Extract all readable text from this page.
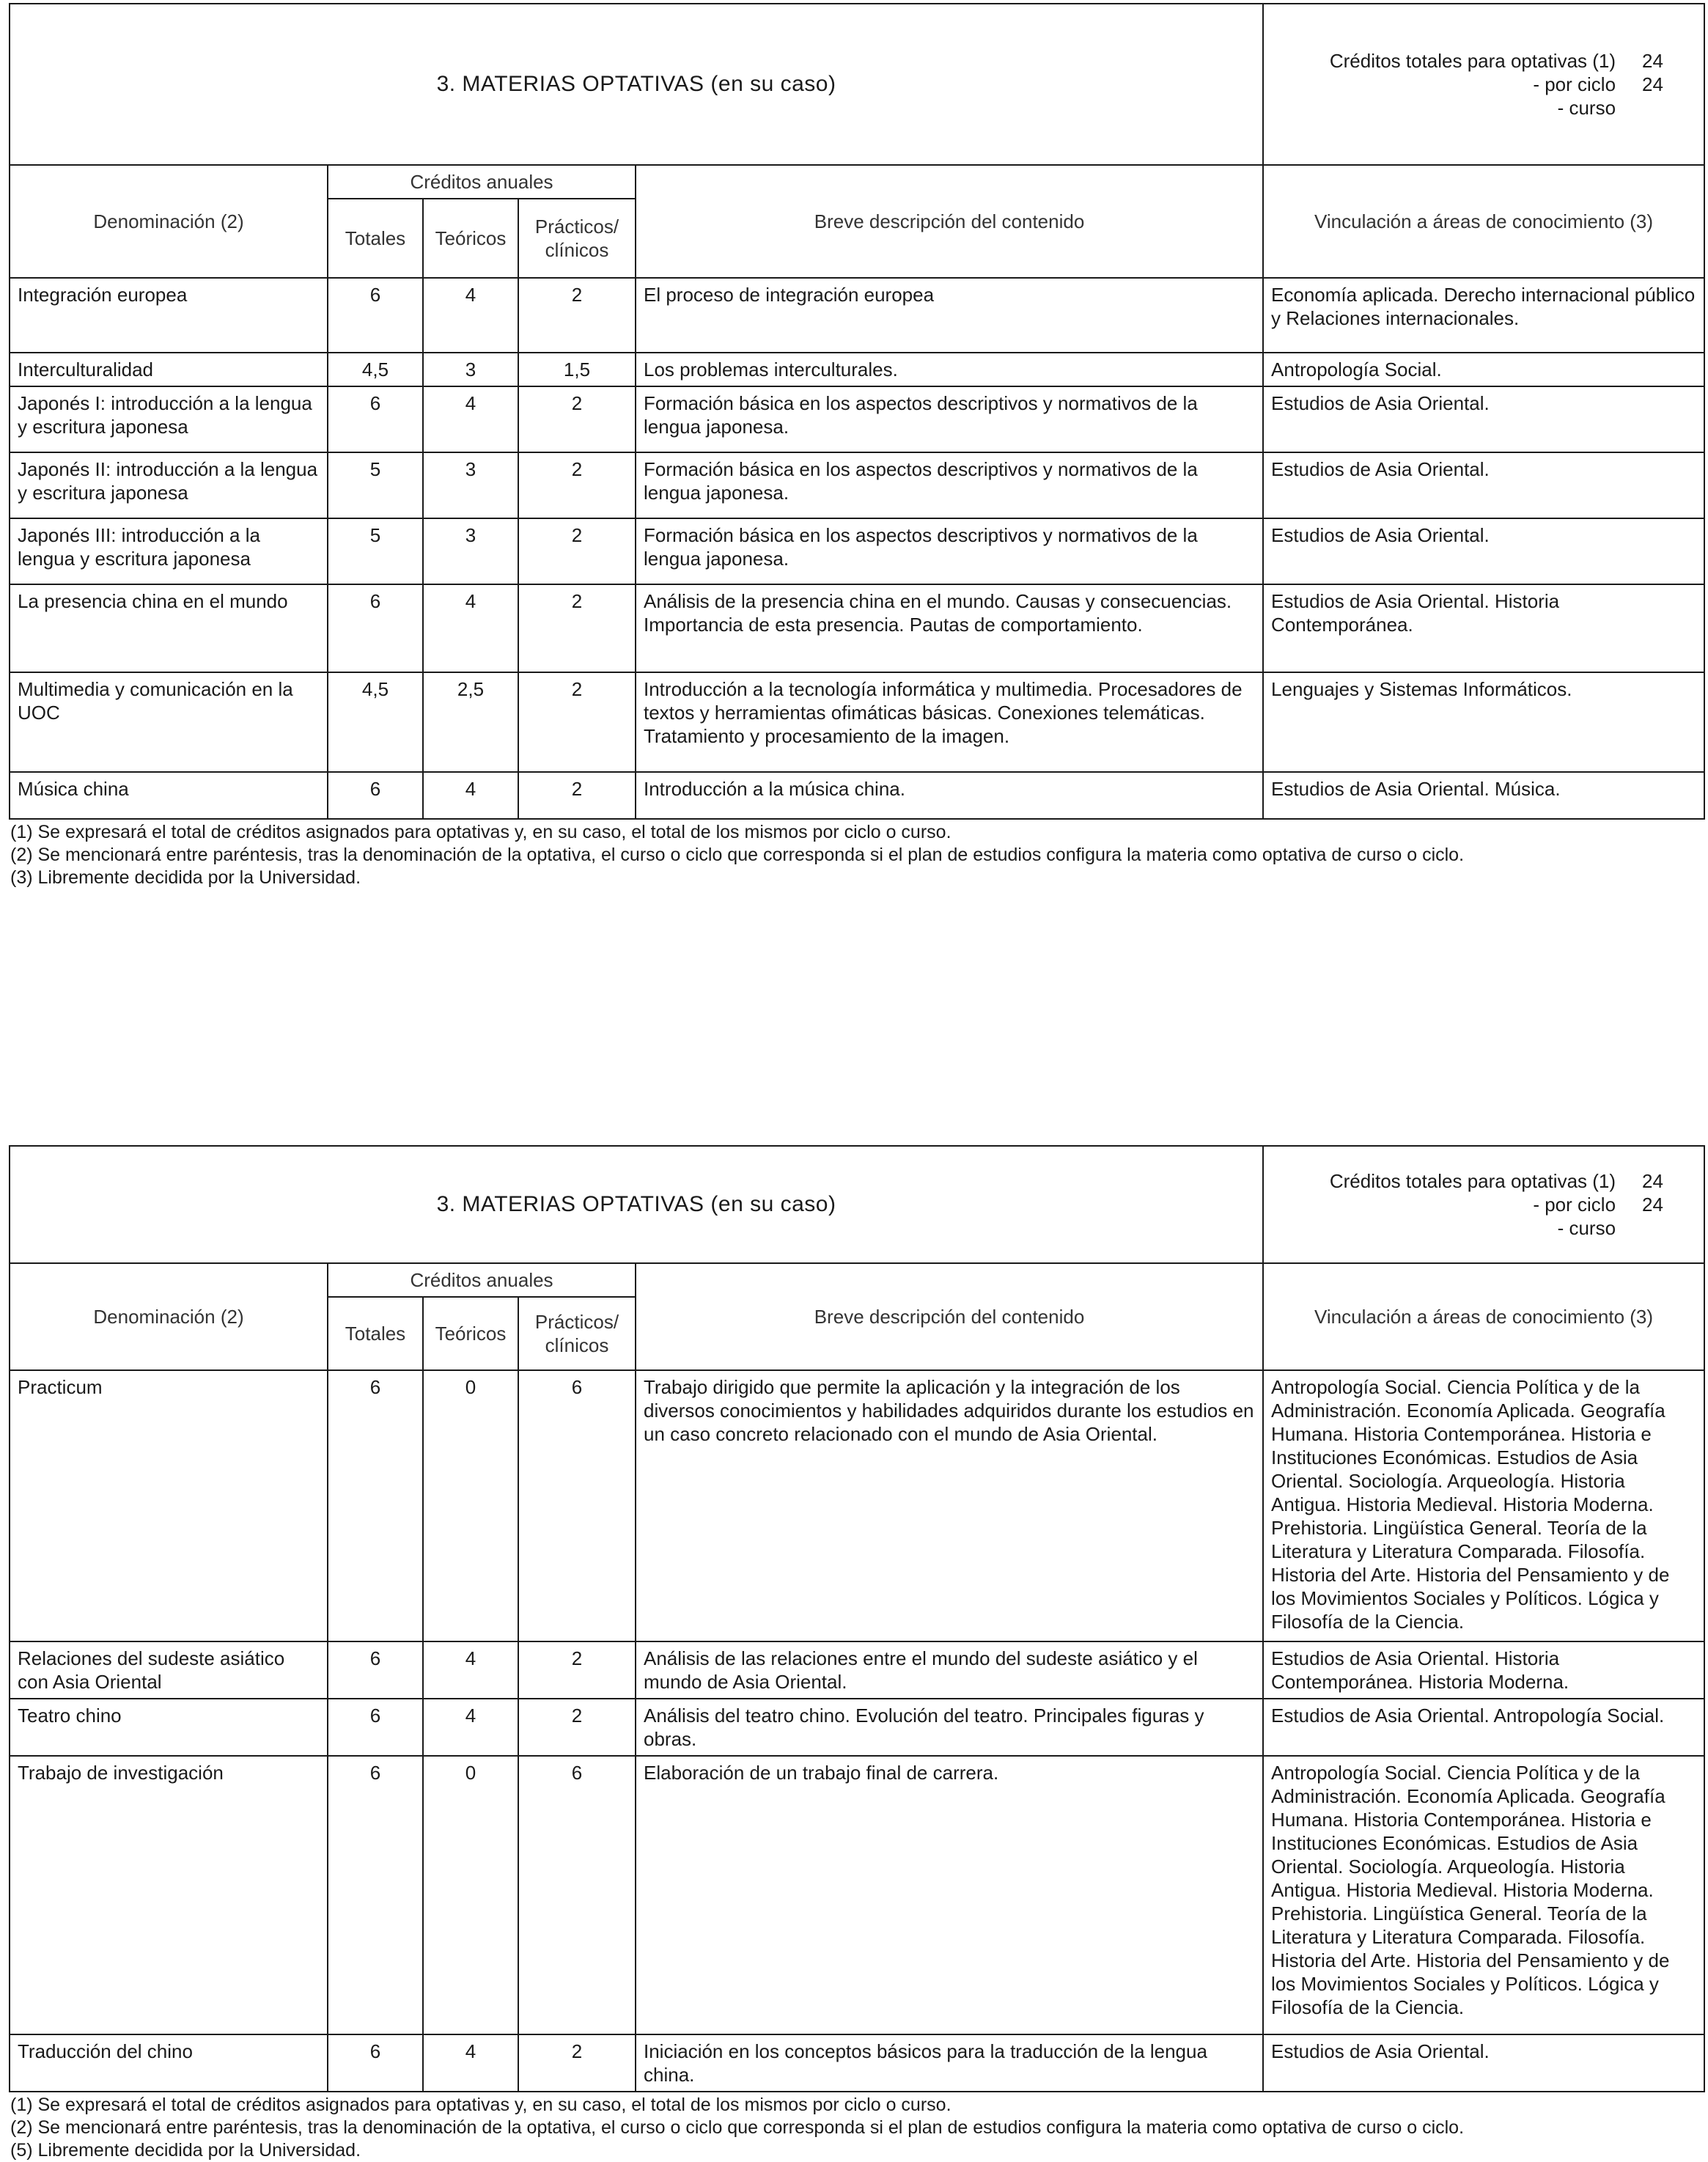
3. MATERIAS OPTATIVAS (en su caso)					Créditos totales para optativas (1) 24
- por ciclo 24
- curso

Denominación (2)	Créditos anuales			Breve descripción del contenido	Vinculación a áreas de conocimiento (3)
	Totales	Teóricos	Prácticos/ clínicos		
Integración europea	6	4	2	El proceso de integración europea	Economía aplicada. Derecho internacional público y Relaciones internacionales.
Interculturalidad	4,5	3	1,5	Los problemas interculturales.	Antropología Social.
Japonés I: introducción a la lengua y escritura japonesa	6	4	2	Formación básica en los aspectos descriptivos y normativos de la lengua japonesa.	Estudios de Asia Oriental.
Japonés II: introducción a la lengua y escritura japonesa	5	3	2	Formación básica en los aspectos descriptivos y normativos de la lengua japonesa.	Estudios de Asia Oriental.
Japonés III: introducción a la lengua y escritura japonesa	5	3	2	Formación básica en los aspectos descriptivos y normativos de la lengua japonesa.	Estudios de Asia Oriental.
La presencia china en el mundo	6	4	2	Análisis de la presencia china en el mundo. Causas y consecuencias. Importancia de esta presencia. Pautas de comportamiento.	Estudios de Asia Oriental. Historia Contemporánea.
Multimedia y comunicación en la UOC	4,5	2,5	2	Introducción a la tecnología informática y multimedia. Procesadores de textos y herramientas ofimáticas básicas. Conexiones telemáticas. Tratamiento y procesamiento de la imagen.	Lenguajes y Sistemas Informáticos.
Música china	6	4	2	Introducción a la música china.	Estudios de Asia Oriental. Música.
(1) Se expresará el total de créditos asignados para optativas y, en su caso, el total de los mismos por ciclo o curso.
(2) Se mencionará entre paréntesis, tras la denominación de la optativa, el curso o ciclo que corresponda si el plan de estudios configura la materia como optativa de curso o ciclo.
(3) Libremente decidida por la Universidad.
3. MATERIAS OPTATIVAS (en su caso)					Créditos totales para optativas (1) 24
- por ciclo 24
- curso

Denominación (2)	Créditos anuales			Breve descripción del contenido	Vinculación a áreas de conocimiento (3)
	Totales	Teóricos	Prácticos/ clínicos		
Practicum	6	0	6	Trabajo dirigido que permite la aplicación y la integración de los diversos conocimientos y habilidades adquiridos durante los estudios en un caso concreto relacionado con el mundo de Asia Oriental.	Antropología Social. Ciencia Política y de la Administración. Economía Aplicada. Geografía Humana. Historia Contemporánea. Historia e Instituciones Económicas. Estudios de Asia Oriental. Sociología. Arqueología. Historia Antigua. Historia Medieval. Historia Moderna. Prehistoria. Lingüística General. Teoría de la Literatura y Literatura Comparada. Filosofía. Historia del Arte. Historia del Pensamiento y de los Movimientos Sociales y Políticos. Lógica y Filosofía de la Ciencia.
Relaciones del sudeste asiático con Asia Oriental	6	4	2	Análisis de las relaciones entre el mundo del sudeste asiático y el mundo de Asia Oriental.	Estudios de Asia Oriental. Historia Contemporánea. Historia Moderna.
Teatro chino	6	4	2	Análisis del teatro chino. Evolución del teatro. Principales figuras y obras.	Estudios de Asia Oriental. Antropología Social.
Trabajo de investigación	6	0	6	Elaboración de un trabajo final de carrera.	Antropología Social. Ciencia Política y de la Administración. Economía Aplicada. Geografía Humana. Historia Contemporánea. Historia e Instituciones Económicas. Estudios de Asia Oriental. Sociología. Arqueología. Historia Antigua. Historia Medieval. Historia Moderna. Prehistoria. Lingüística General. Teoría de la Literatura y Literatura Comparada. Filosofía. Historia del Arte. Historia del Pensamiento y de los Movimientos Sociales y Políticos. Lógica y Filosofía de la Ciencia.
Traducción del chino	6	4	2	Iniciación en los conceptos básicos para la traducción de la lengua china.	Estudios de Asia Oriental.
(1) Se expresará el total de créditos asignados para optativas y, en su caso, el total de los mismos por ciclo o curso.
(2) Se mencionará entre paréntesis, tras la denominación de la optativa, el curso o ciclo que corresponda si el plan de estudios configura la materia como optativa de curso o ciclo.
(5) Libremente decidida por la Universidad.
